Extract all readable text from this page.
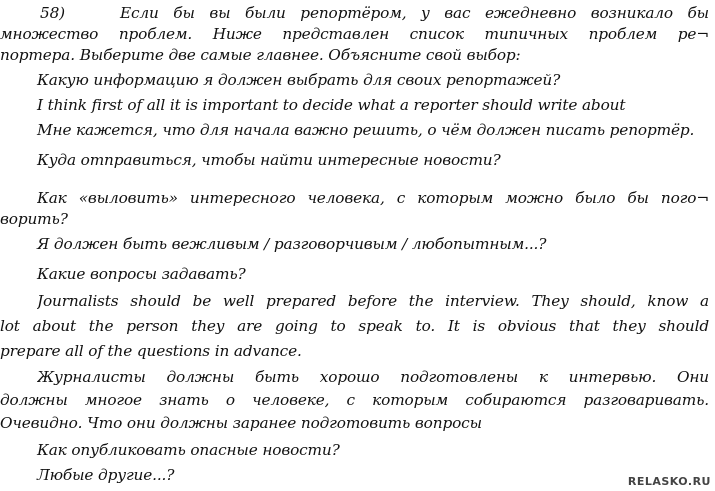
58)	Если бы вы были репортёром, у вас ежедневно возникало бы
множество проблем. Ниже представлен список типичных проблем ре¬
портера. Выберите две самые главнее. Объясните свой выбор:
Какую информацию я должен выбрать для своих репортажей?
I think first of all it is important to decide what a reporter should write about
Мне кажется, что для начала важно решить, о чём должен писать репортёр.
Куда отправиться, чтобы найти интересные новости?
Как «выловить» интересного человека, с которым можно было бы пого¬
ворить?
Я должен быть вежливым / разговорчивым / любопытным...?
Какие вопросы задавать?
Journalists should be well prepared before the interview. They should, know a
lot about the person they are going to speak to. It is obvious that they should
prepare all of the questions in advance.
Журналисты должны быть хорошо подготовлены к интервью. Они
должны многое знать о человеке, с которым собираются разговаривать.
Очевидно. Что они должны заранее подготовить вопросы
Как опубликовать опасные новости?
Любые другие...?	RELASKO.RU
